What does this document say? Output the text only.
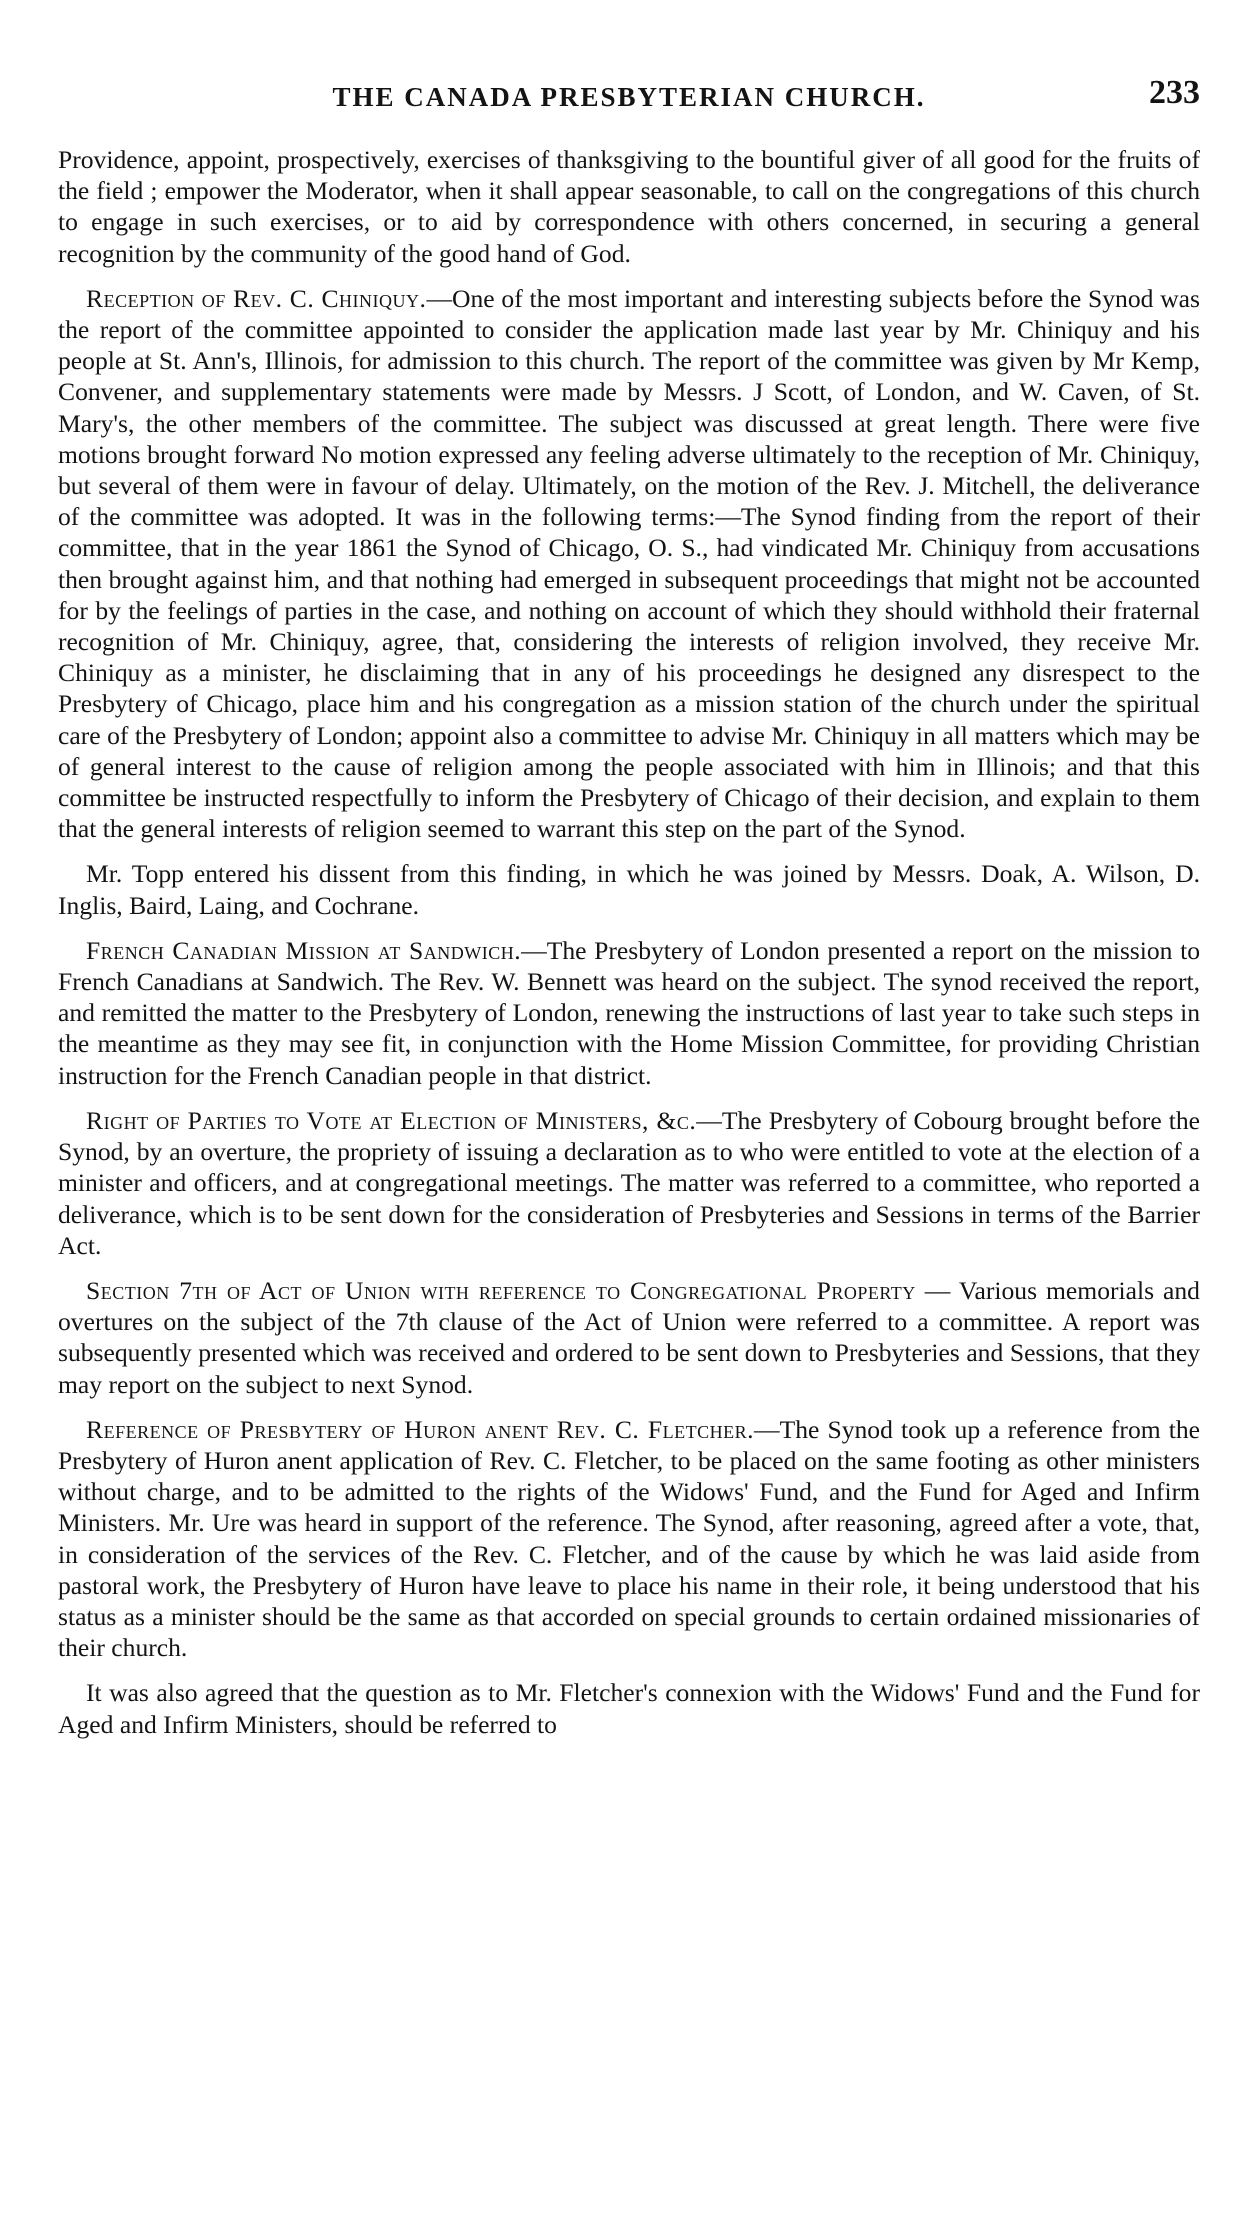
THE CANADA PRESBYTERIAN CHURCH.	233

Providence, appoint, prospectively, exercises of thanksgiving to the bountiful giver of all good for the fruits of the field ; empower the Moderator, when it shall appear seasonable, to call on the congregations of this church to engage in such exercises, or to aid by correspondence with others concerned, in securing a general recognition by the community of the good hand of God.

Reception of Rev. C. Chiniquy.—One of the most important and interesting subjects before the Synod was the report of the committee appointed to consider the application made last year by Mr. Chiniquy and his people at St. Ann's, Illinois, for admission to this church. The report of the committee was given by Mr Kemp, Convener, and supplementary statements were made by Messrs. J Scott, of London, and W. Caven, of St. Mary's, the other members of the committee. The subject was discussed at great length. There were five motions brought forward No motion expressed any feeling adverse ultimately to the reception of Mr. Chiniquy, but several of them were in favour of delay. Ultimately, on the motion of the Rev. J. Mitchell, the deliverance of the committee was adopted. It was in the following terms:—The Synod finding from the report of their committee, that in the year 1861 the Synod of Chicago, O. S., had vindicated Mr. Chiniquy from accusations then brought against him, and that nothing had emerged in subsequent proceedings that might not be accounted for by the feelings of parties in the case, and nothing on account of which they should withhold their fraternal recognition of Mr. Chiniquy, agree, that, considering the interests of religion involved, they receive Mr. Chiniquy as a minister, he disclaiming that in any of his proceedings he designed any disrespect to the Presbytery of Chicago, place him and his congregation as a mission station of the church under the spiritual care of the Presbytery of London; appoint also a committee to advise Mr. Chiniquy in all matters which may be of general interest to the cause of religion among the people associated with him in Illinois; and that this committee be instructed respectfully to inform the Presbytery of Chicago of their decision, and explain to them that the general interests of religion seemed to warrant this step on the part of the Synod.

Mr. Topp entered his dissent from this finding, in which he was joined by Messrs. Doak, A. Wilson, D. Inglis, Baird, Laing, and Cochrane.

French Canadian Mission at Sandwich.—The Presbytery of London presented a report on the mission to French Canadians at Sandwich. The Rev. W. Bennett was heard on the subject. The synod received the report, and remitted the matter to the Presbytery of London, renewing the instructions of last year to take such steps in the meantime as they may see fit, in conjunction with the Home Mission Committee, for providing Christian instruction for the French Canadian people in that district.

Right of Parties to Vote at Election of Ministers, &c.—The Presbytery of Cobourg brought before the Synod, by an overture, the propriety of issuing a declaration as to who were entitled to vote at the election of a minister and officers, and at congregational meetings. The matter was referred to a committee, who reported a deliverance, which is to be sent down for the consideration of Presbyteries and Sessions in terms of the Barrier Act.

Section 7th of Act of Union with reference to Congregational Property — Various memorials and overtures on the subject of the 7th clause of the Act of Union were referred to a committee. A report was subsequently presented which was received and ordered to be sent down to Presbyteries and Sessions, that they may report on the subject to next Synod.

Reference of Presbytery of Huron anent Rev. C. Fletcher.—The Synod took up a reference from the Presbytery of Huron anent application of Rev. C. Fletcher, to be placed on the same footing as other ministers without charge, and to be admitted to the rights of the Widows' Fund, and the Fund for Aged and Infirm Ministers. Mr. Ure was heard in support of the reference. The Synod, after reasoning, agreed after a vote, that, in consideration of the services of the Rev. C. Fletcher, and of the cause by which he was laid aside from pastoral work, the Presbytery of Huron have leave to place his name in their role, it being understood that his status as a minister should be the same as that accorded on special grounds to certain ordained missionaries of their church.

It was also agreed that the question as to Mr. Fletcher's connexion with the Widows' Fund and the Fund for Aged and Infirm Ministers, should be referred to
